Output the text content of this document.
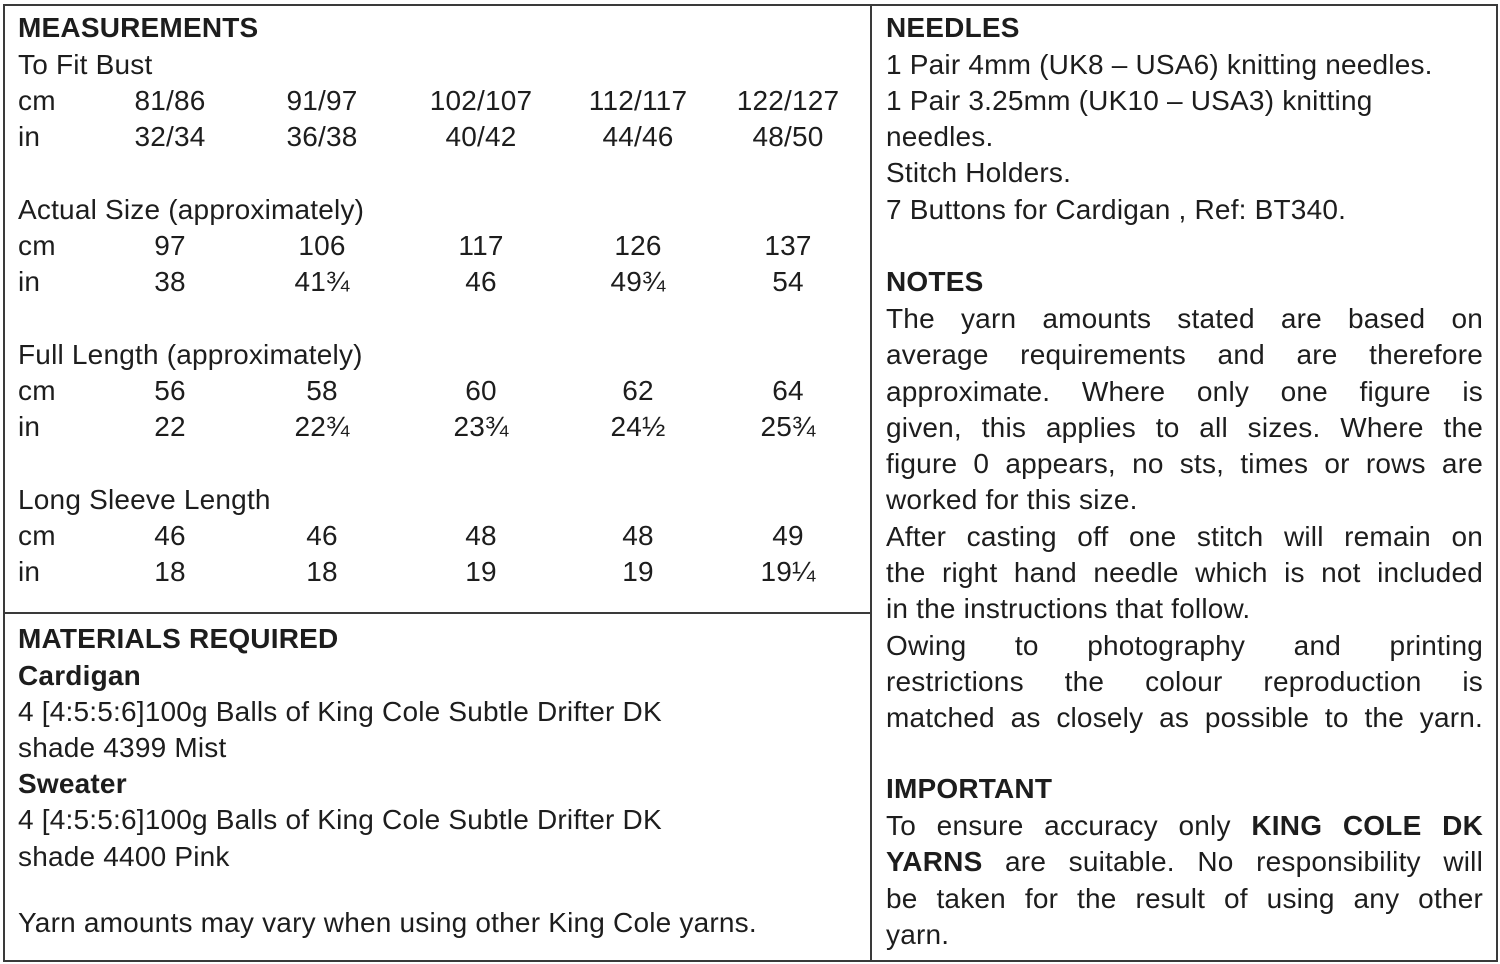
MEASUREMENTS
To Fit Bust
cm	81/86	91/97	102/107 112/117 122/127
in	32/34	36/38	40/42	44/46	48/50
Actual Size (approximately)
cm	97	106	117	126	137
in	38	41¾	46	49¾	54
Full Length (approximately)
cm	56	58	60	62	64
in	22	22¾	23¾	24½	25¾
Long Sleeve Length
cm	46	46	48	48	49
in	18	18	19	19	19¼
MATERIALS REQUIRED
Cardigan
4 [4:5:5:6]100g Balls of King Cole Subtle Drifter DK
shade 4399 Mist
Sweater
4 [4:5:5:6]100g Balls of King Cole Subtle Drifter DK
shade 4400 Pink
Yarn amounts may vary when using other King Cole yarns.
NEEDLES
1 Pair 4mm (UK8 – USA6) knitting needles.
1 Pair 3.25mm (UK10 – USA3) knitting
needles.
Stitch Holders.
7 Buttons for Cardigan , Ref: BT340.
NOTES
The yarn amounts stated are based on
average requirements and are therefore
approximate. Where only one figure is
given, this applies to all sizes. Where the
figure 0 appears, no sts, times or rows are
worked for this size.
After casting off one stitch will remain on
the right hand needle which is not included
in the instructions that follow.
Owing to photography and printing
restrictions the colour reproduction is
matched as closely as possible to the yarn.
IMPORTANT
To ensure accuracy only KING COLE DK
YARNS are suitable. No responsibility will
be taken for the result of using any other
yarn.
